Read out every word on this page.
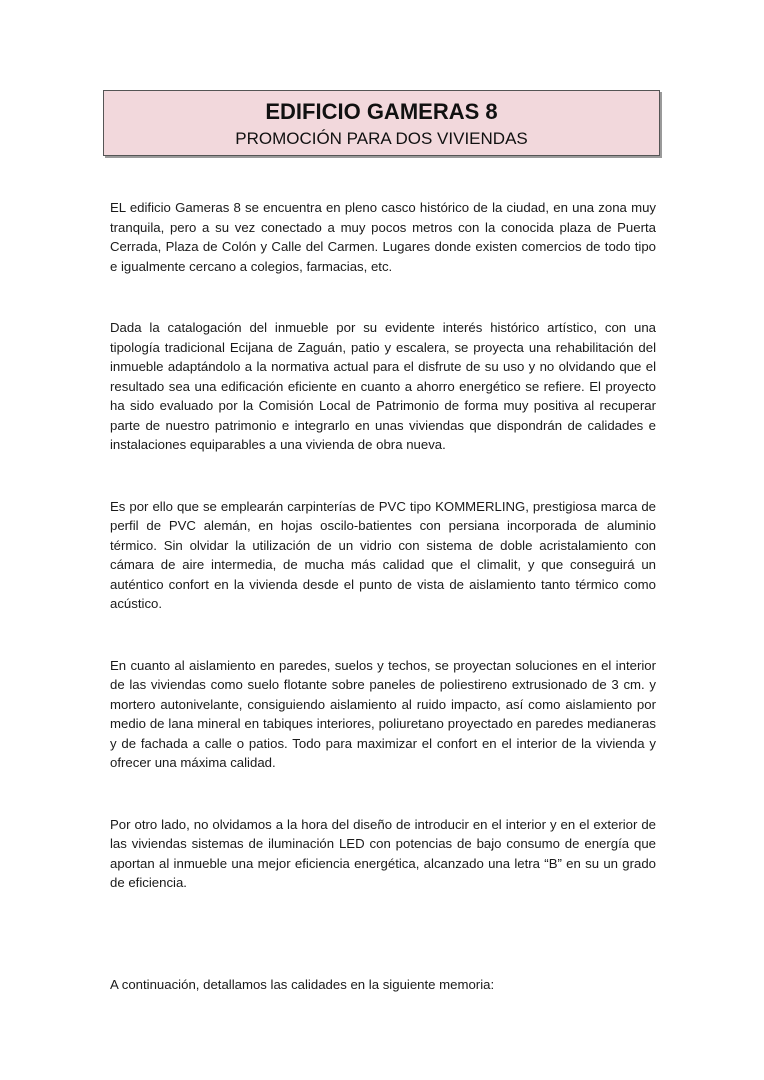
EDIFICIO GAMERAS 8
PROMOCIÓN PARA DOS VIVIENDAS

EL edificio Gameras 8 se encuentra en pleno casco histórico de la ciudad, en una zona muy tranquila, pero a su vez conectado a muy pocos metros con la conocida plaza de Puerta Cerrada, Plaza de Colón y Calle del Carmen. Lugares donde existen comercios de todo tipo e igualmente cercano a colegios, farmacias, etc.

Dada la catalogación del inmueble por su evidente interés histórico artístico, con una tipología tradicional Ecijana de Zaguán, patio y escalera, se proyecta una rehabilitación del inmueble adaptándolo a la normativa actual para el disfrute de su uso y no olvidando que el resultado sea una edificación eficiente en cuanto a ahorro energético se refiere. El proyecto ha sido evaluado por la Comisión Local de Patrimonio de forma muy positiva al recuperar parte de nuestro patrimonio e integrarlo en unas viviendas que dispondrán de calidades e instalaciones equiparables a una vivienda de obra nueva.

Es por ello que se emplearán carpinterías de PVC tipo KOMMERLING, prestigiosa marca de perfil de PVC alemán, en hojas oscilo-batientes con persiana incorporada de aluminio térmico. Sin olvidar la utilización de un vidrio con sistema de doble acristalamiento con cámara de aire intermedia, de mucha más calidad que el climalit, y que conseguirá un auténtico confort en la vivienda desde el punto de vista de aislamiento tanto térmico como acústico.

En cuanto al aislamiento en paredes, suelos y techos, se proyectan soluciones en el interior de las viviendas como suelo flotante sobre paneles de poliestireno extrusionado de 3 cm. y mortero autonivelante, consiguiendo aislamiento al ruido impacto, así como aislamiento por medio de lana mineral en tabiques interiores, poliuretano proyectado en paredes medianeras y de fachada a calle o patios. Todo para maximizar el confort en el interior de la vivienda y ofrecer una máxima calidad.

Por otro lado, no olvidamos a la hora del diseño de introducir en el interior y en el exterior de las viviendas sistemas de iluminación LED con potencias de bajo consumo de energía que aportan al inmueble una mejor eficiencia energética, alcanzado una letra “B” en su un grado de eficiencia.

A continuación, detallamos las calidades en la siguiente memoria:
